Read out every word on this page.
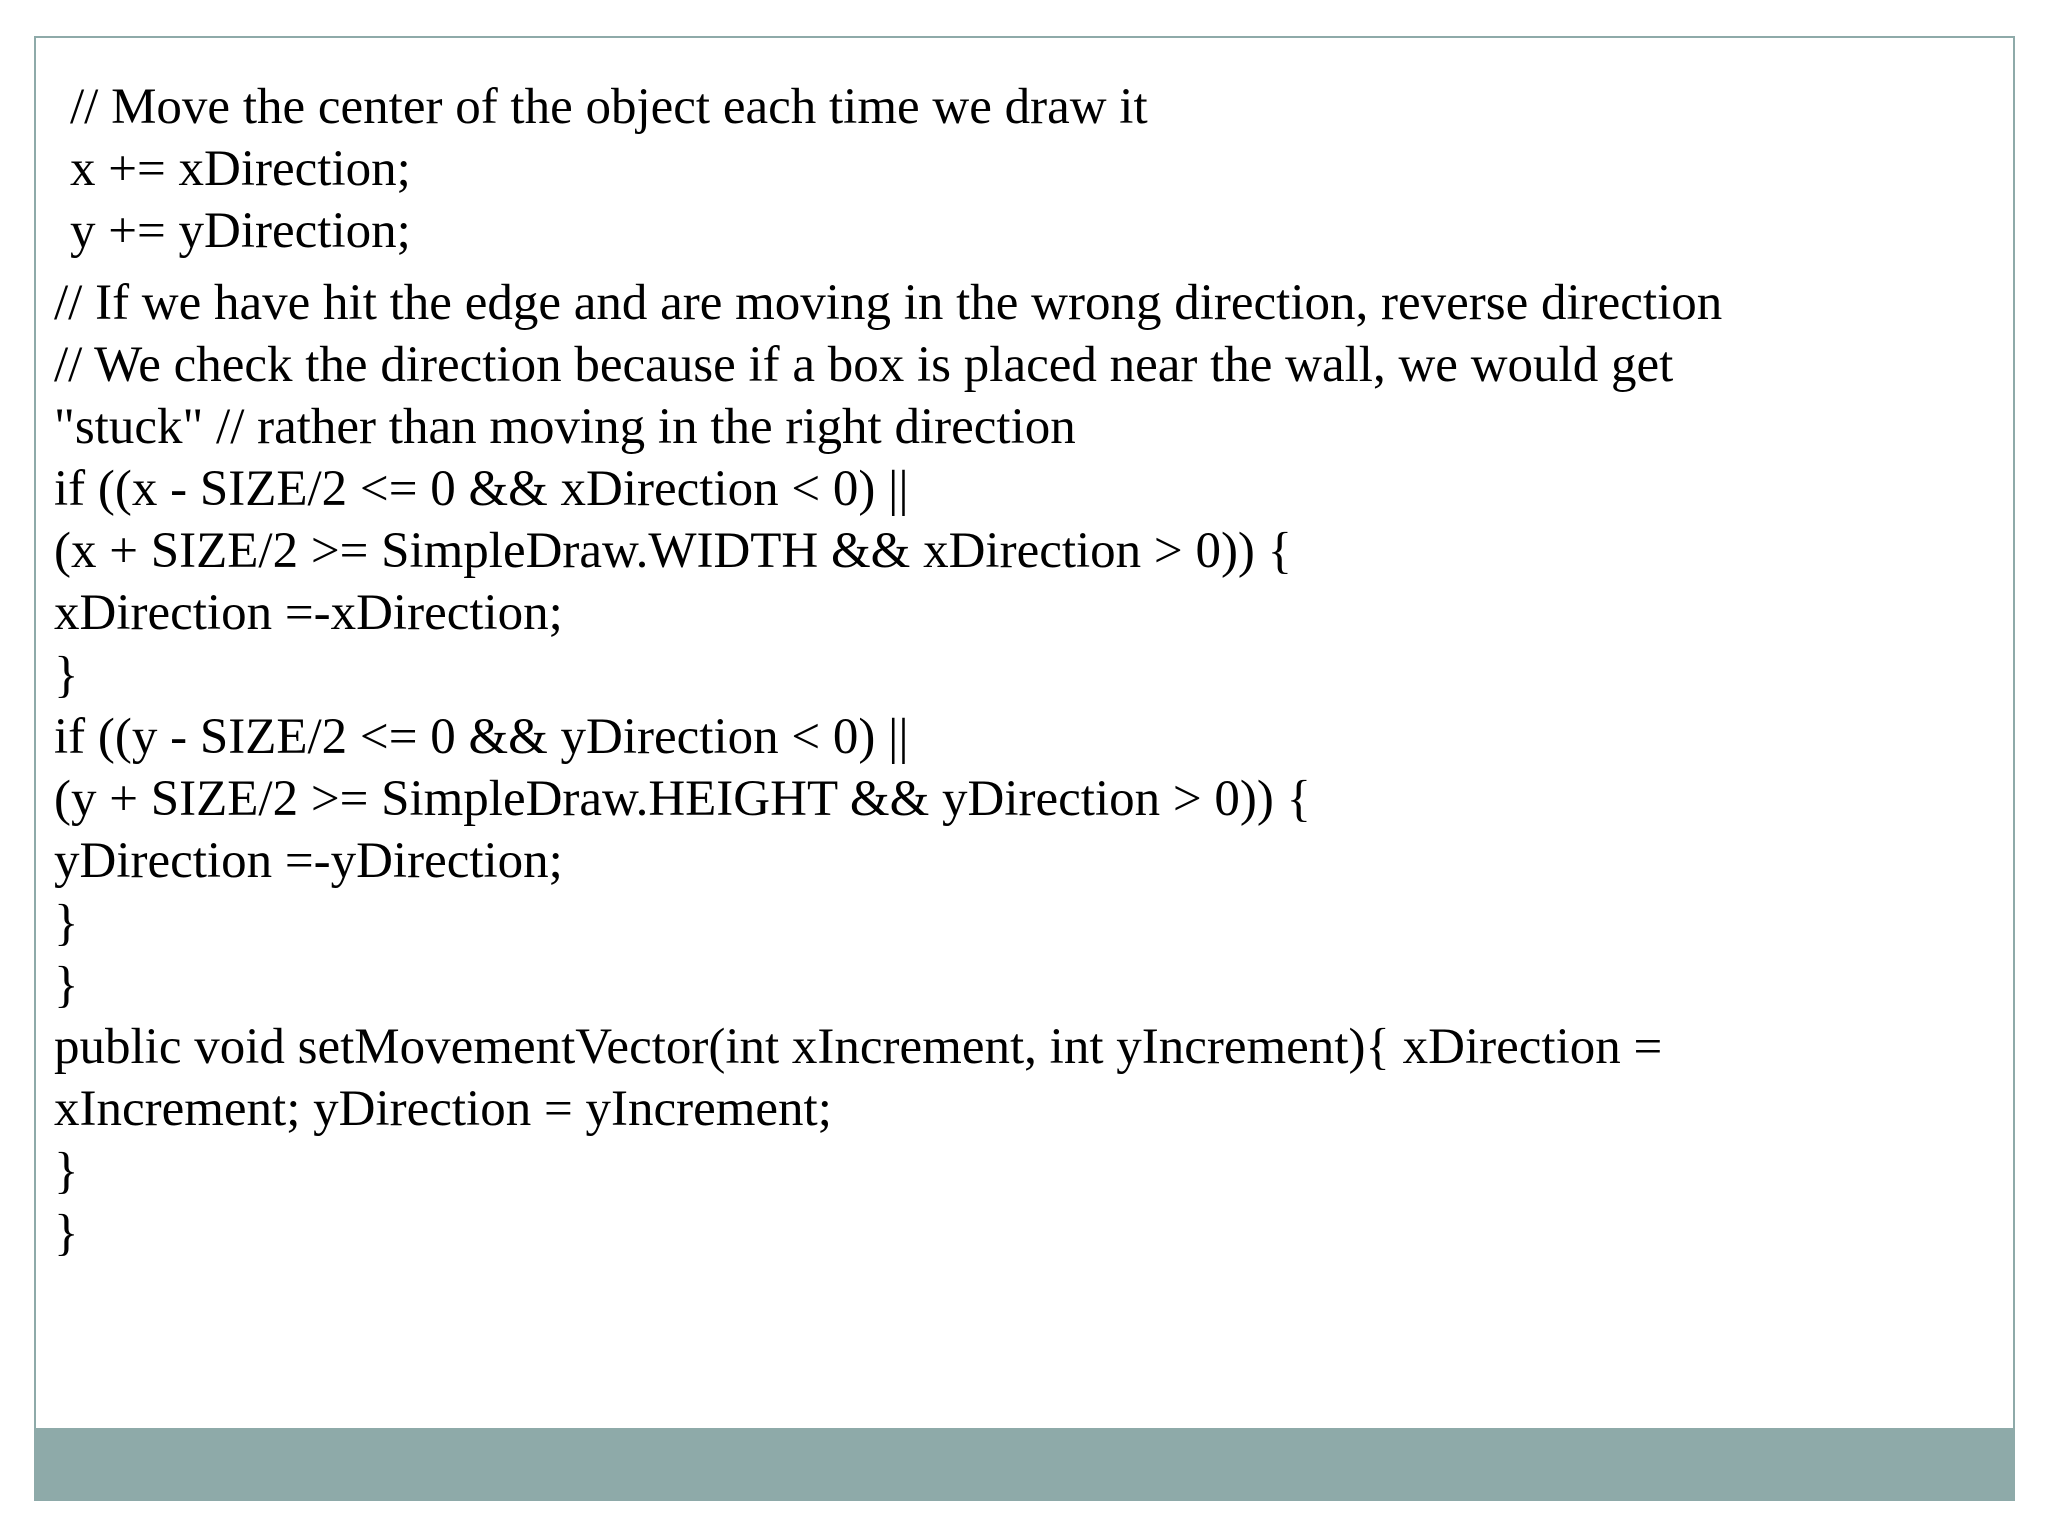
// Move the center of the object each time we draw it
x += xDirection;
y += yDirection;
// If we have hit the edge and are moving in the wrong direction, reverse direction
// We check the direction because if a box is placed near the wall, we would get
"stuck" // rather than moving in the right direction
if ((x - SIZE/2 <= 0 && xDirection < 0) ||
(x + SIZE/2 >= SimpleDraw.WIDTH && xDirection > 0)) {
xDirection =-xDirection;
}
if ((y - SIZE/2 <= 0 && yDirection < 0) ||
(y + SIZE/2 >= SimpleDraw.HEIGHT && yDirection > 0)) {
yDirection =-yDirection;
}
}
public void setMovementVector(int xIncrement, int yIncrement){ xDirection =
xIncrement; yDirection = yIncrement;
}
}
